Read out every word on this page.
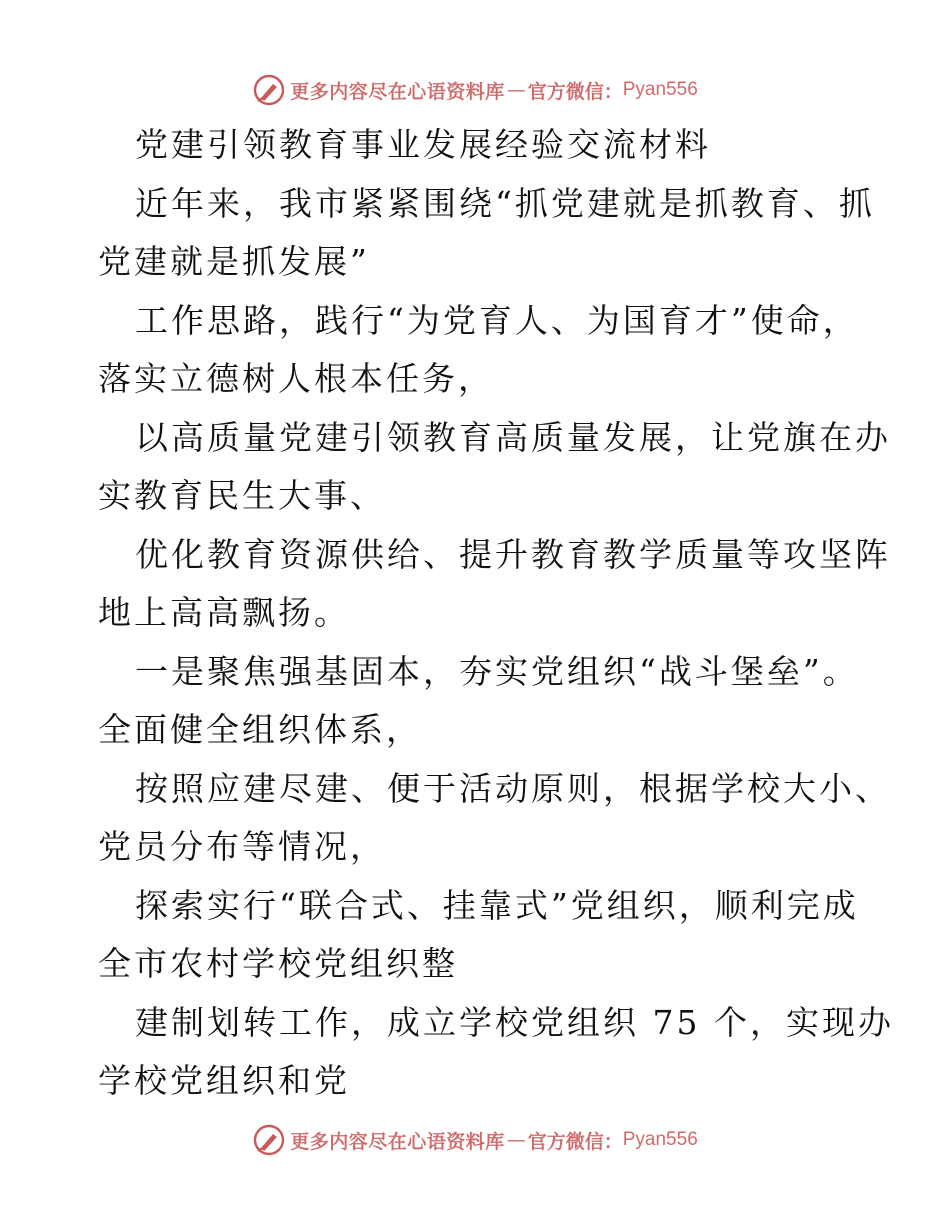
更多内容尽在心语资料库 — 官方微信： Pyan556
党建引领教育事业发展经验交流材料
近年来，我市紧紧围绕“抓党建就是抓教育、抓
党建就是抓发展”
工作思路，践行“为党育人、为国育才”使命，
落实立德树人根本任务，
以高质量党建引领教育高质量发展，让党旗在办
实教育民生大事、
优化教育资源供给、提升教育教学质量等攻坚阵
地上高高飘扬。
一是聚焦强基固本，夯实党组织“战斗堡垒”。
全面健全组织体系，
按照应建尽建、便于活动原则，根据学校大小、
党员分布等情况，
探索实行“联合式、挂靠式”党组织，顺利完成
全市农村学校党组织整
建制划转工作，成立学校党组织 75 个，实现办
学校党组织和党
更多内容尽在心语资料库 — 官方微信： Pyan556
